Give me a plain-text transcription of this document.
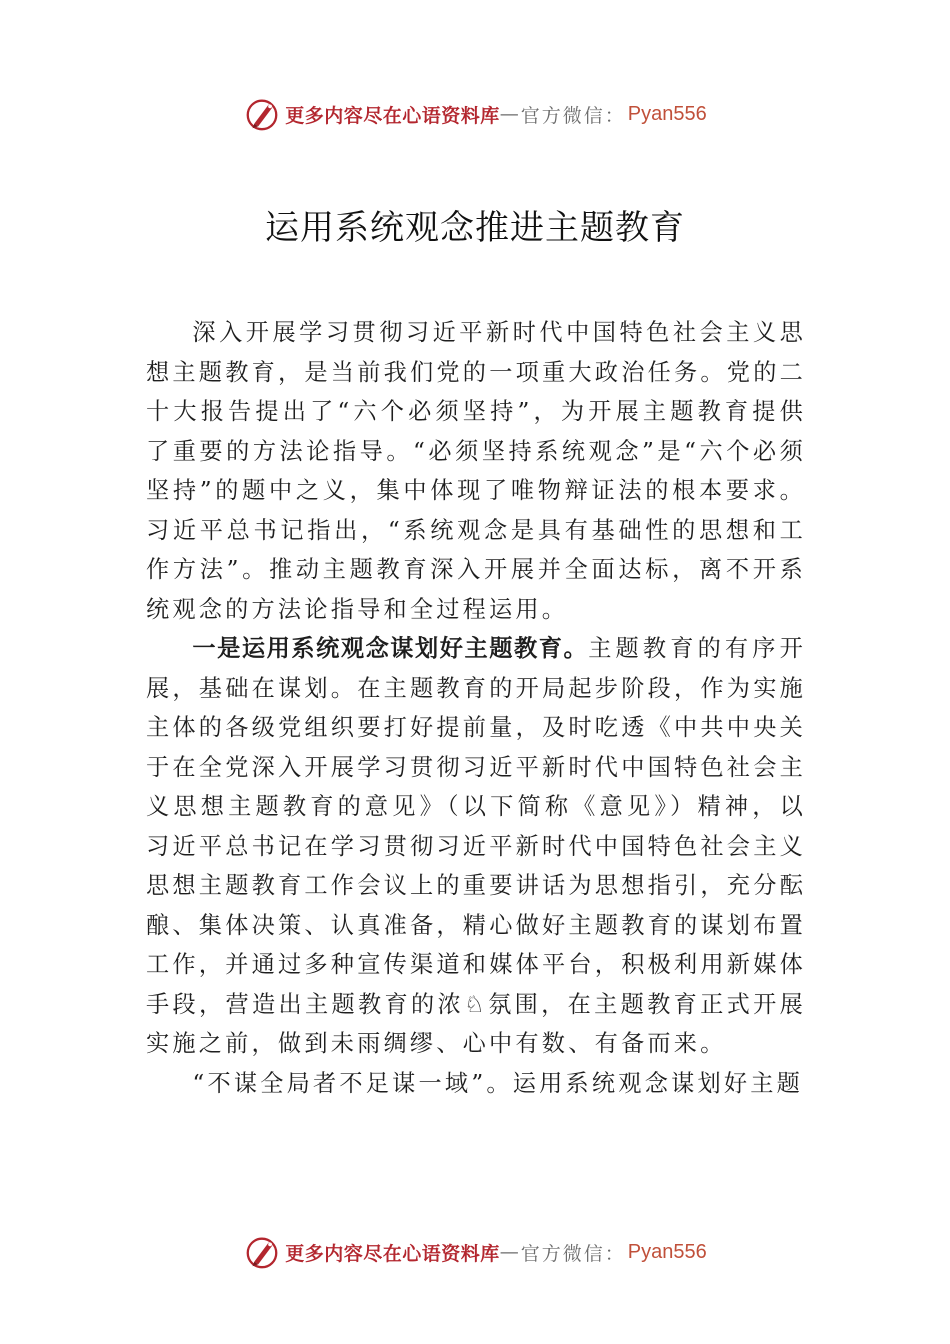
更多内容尽在心语资料库 — 官方微信： Pyan556
运用系统观念推进主题教育

深入开展学习贯彻习近平新时代中国特色社会主义思想主题教育，是当前我们党的一项重大政治任务。党的二十大报告提出了“六个必须坚持”，为开展主题教育提供了重要的方法论指导。“必须坚持系统观念”是“六个必须坚持”的题中之义，集中体现了唯物辩证法的根本要求。习近平总书记指出，“系统观念是具有基础性的思想和工作方法”。推动主题教育深入开展并全面达标，离不开系统观念的方法论指导和全过程运用。

一是运用系统观念谋划好主题教育。主题教育的有序开展，基础在谋划。在主题教育的开局起步阶段，作为实施主体的各级党组织要打好提前量，及时吃透《中共中央关于在全党深入开展学习贯彻习近平新时代中国特色社会主义思想主题教育的意见》（以下简称《意见》）精神，以习近平总书记在学习贯彻习近平新时代中国特色社会主义思想主题教育工作会议上的重要讲话为思想指引，充分酝酿、集体决策、认真准备，精心做好主题教育的谋划布置工作，并通过多种宣传渠道和媒体平台，积极利用新媒体手段，营造出主题教育的浓♘氛围，在主题教育正式开展实施之前，做到未雨绸缪、心中有数、有备而来。

“不谋全局者不足谋一域”。运用系统观念谋划好主题

更多内容尽在心语资料库 — 官方微信： Pyan556
